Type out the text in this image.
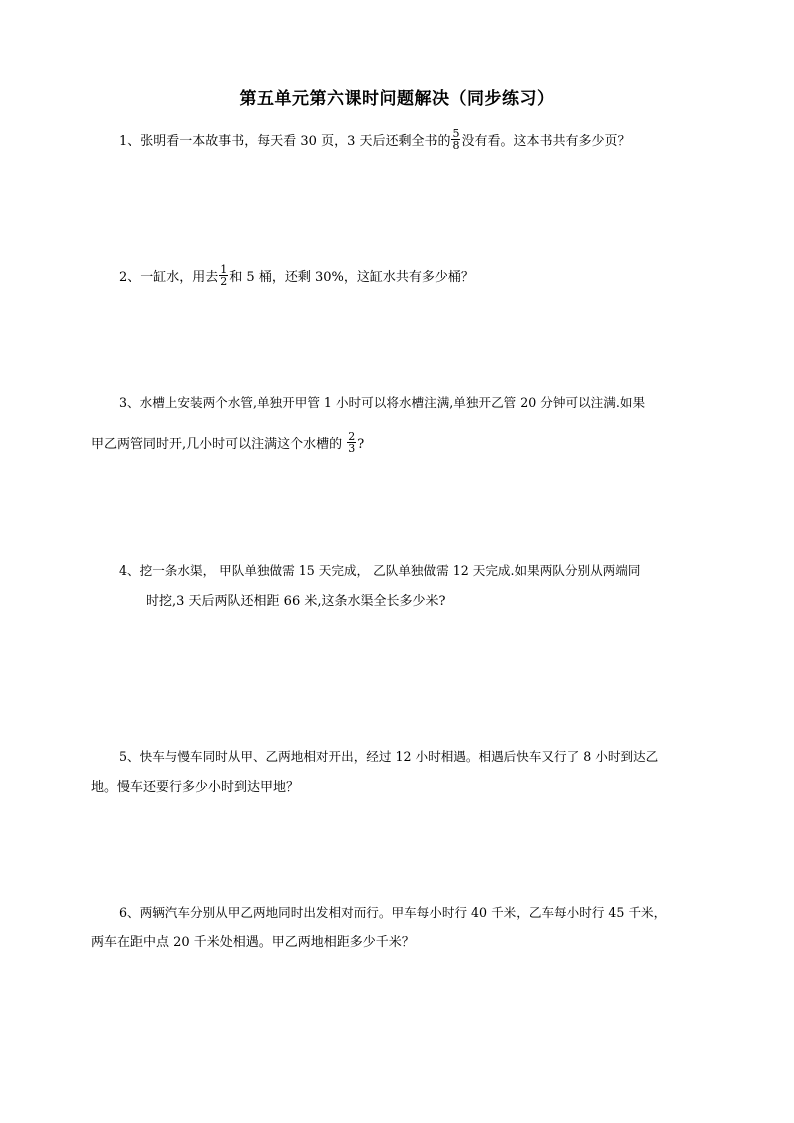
第五单元第六课时问题解决（同步练习）
1、张明看一本故事书，每天看 30 页，3 天后还剩全书的 $\frac{5}{8}$ 没有看。这本书共有多少页？
2、一缸水，用去 $\frac{1}{2}$ 和 5 桶，还剩 30%，这缸水共有多少桶？
3、水槽上安装两个水管,单独开甲管 1 小时可以将水槽注满,单独开乙管 20 分钟可以注满.如果
甲乙两管同时开,几小时可以注满这个水槽的 $\frac{2}{3}$ ?
4、挖一条水渠， 甲队单独做需 15 天完成， 乙队单独做需 12 天完成.如果两队分别从两端同
时挖,3 天后两队还相距 66 米,这条水渠全长多少米?
5、快车与慢车同时从甲、乙两地相对开出，经过 12 小时相遇。相遇后快车又行了 8 小时到达乙
地。慢车还要行多少小时到达甲地？
6、两辆汽车分别从甲乙两地同时出发相对而行。甲车每小时行 40 千米，乙车每小时行 45 千米，
两车在距中点 20 千米处相遇。甲乙两地相距多少千米？
